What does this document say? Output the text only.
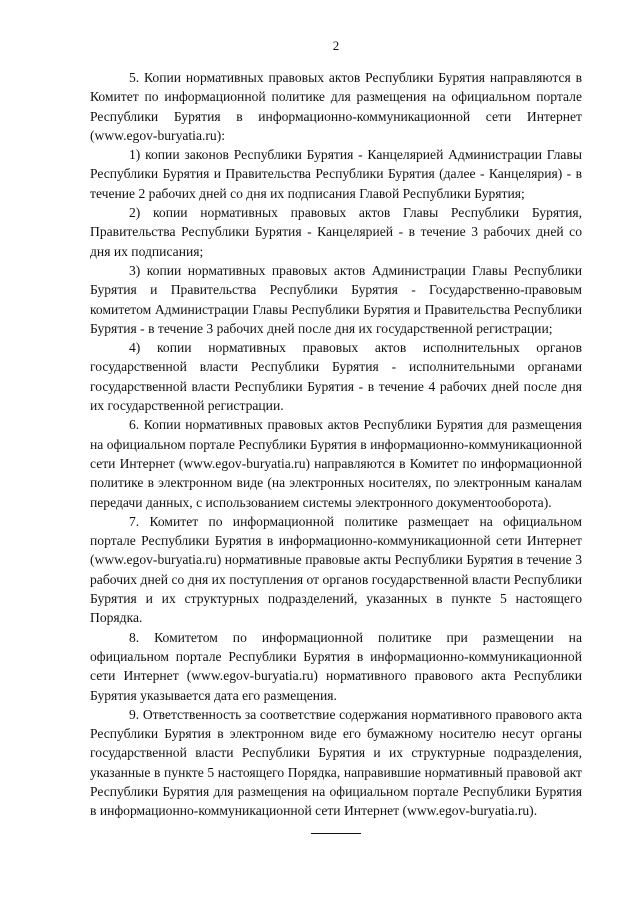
2

5. Копии нормативных правовых актов Республики Бурятия направляются в Комитет по информационной политике для размещения на официальном портале Республики Бурятия в информационно-коммуникационной сети Интернет (www.egov-buryatia.ru):

1) копии законов Республики Бурятия - Канцелярией Администрации Главы Республики Бурятия и Правительства Республики Бурятия (далее - Канцелярия) - в течение 2 рабочих дней со дня их подписания Главой Республики Бурятия;

2) копии нормативных правовых актов Главы Республики Бурятия, Правительства Республики Бурятия - Канцелярией - в течение 3 рабочих дней со дня их подписания;

3) копии нормативных правовых актов Администрации Главы Республики Бурятия и Правительства Республики Бурятия - Государственно-правовым комитетом Администрации Главы Республики Бурятия и Правительства Республики Бурятия - в течение 3 рабочих дней после дня их государственной регистрации;

4) копии нормативных правовых актов исполнительных органов государственной власти Республики Бурятия - исполнительными органами государственной власти Республики Бурятия - в течение 4 рабочих дней после дня их государственной регистрации.

6. Копии нормативных правовых актов Республики Бурятия для размещения на официальном портале Республики Бурятия в информационно-коммуникационной сети Интернет (www.egov-buryatia.ru) направляются в Комитет по информационной политике в электронном виде (на электронных носителях, по электронным каналам передачи данных, с использованием системы электронного документооборота).

7. Комитет по информационной политике размещает на официальном портале Республики Бурятия в информационно-коммуникационной сети Интернет (www.egov-buryatia.ru) нормативные правовые акты Республики Бурятия в течение 3 рабочих дней со дня их поступления от органов государственной власти Республики Бурятия и их структурных подразделений, указанных в пункте 5 настоящего Порядка.

8. Комитетом по информационной политике при размещении на официальном портале Республики Бурятия в информационно-коммуникационной сети Интернет (www.egov-buryatia.ru) нормативного правового акта Республики Бурятия указывается дата его размещения.

9. Ответственность за соответствие содержания нормативного правового акта Республики Бурятия в электронном виде его бумажному носителю несут органы государственной власти Республики Бурятия и их структурные подразделения, указанные в пункте 5 настоящего Порядка, направившие нормативный правовой акт Республики Бурятия для размещения на официальном портале Республики Бурятия в информационно-коммуникационной сети Интернет (www.egov-buryatia.ru).
